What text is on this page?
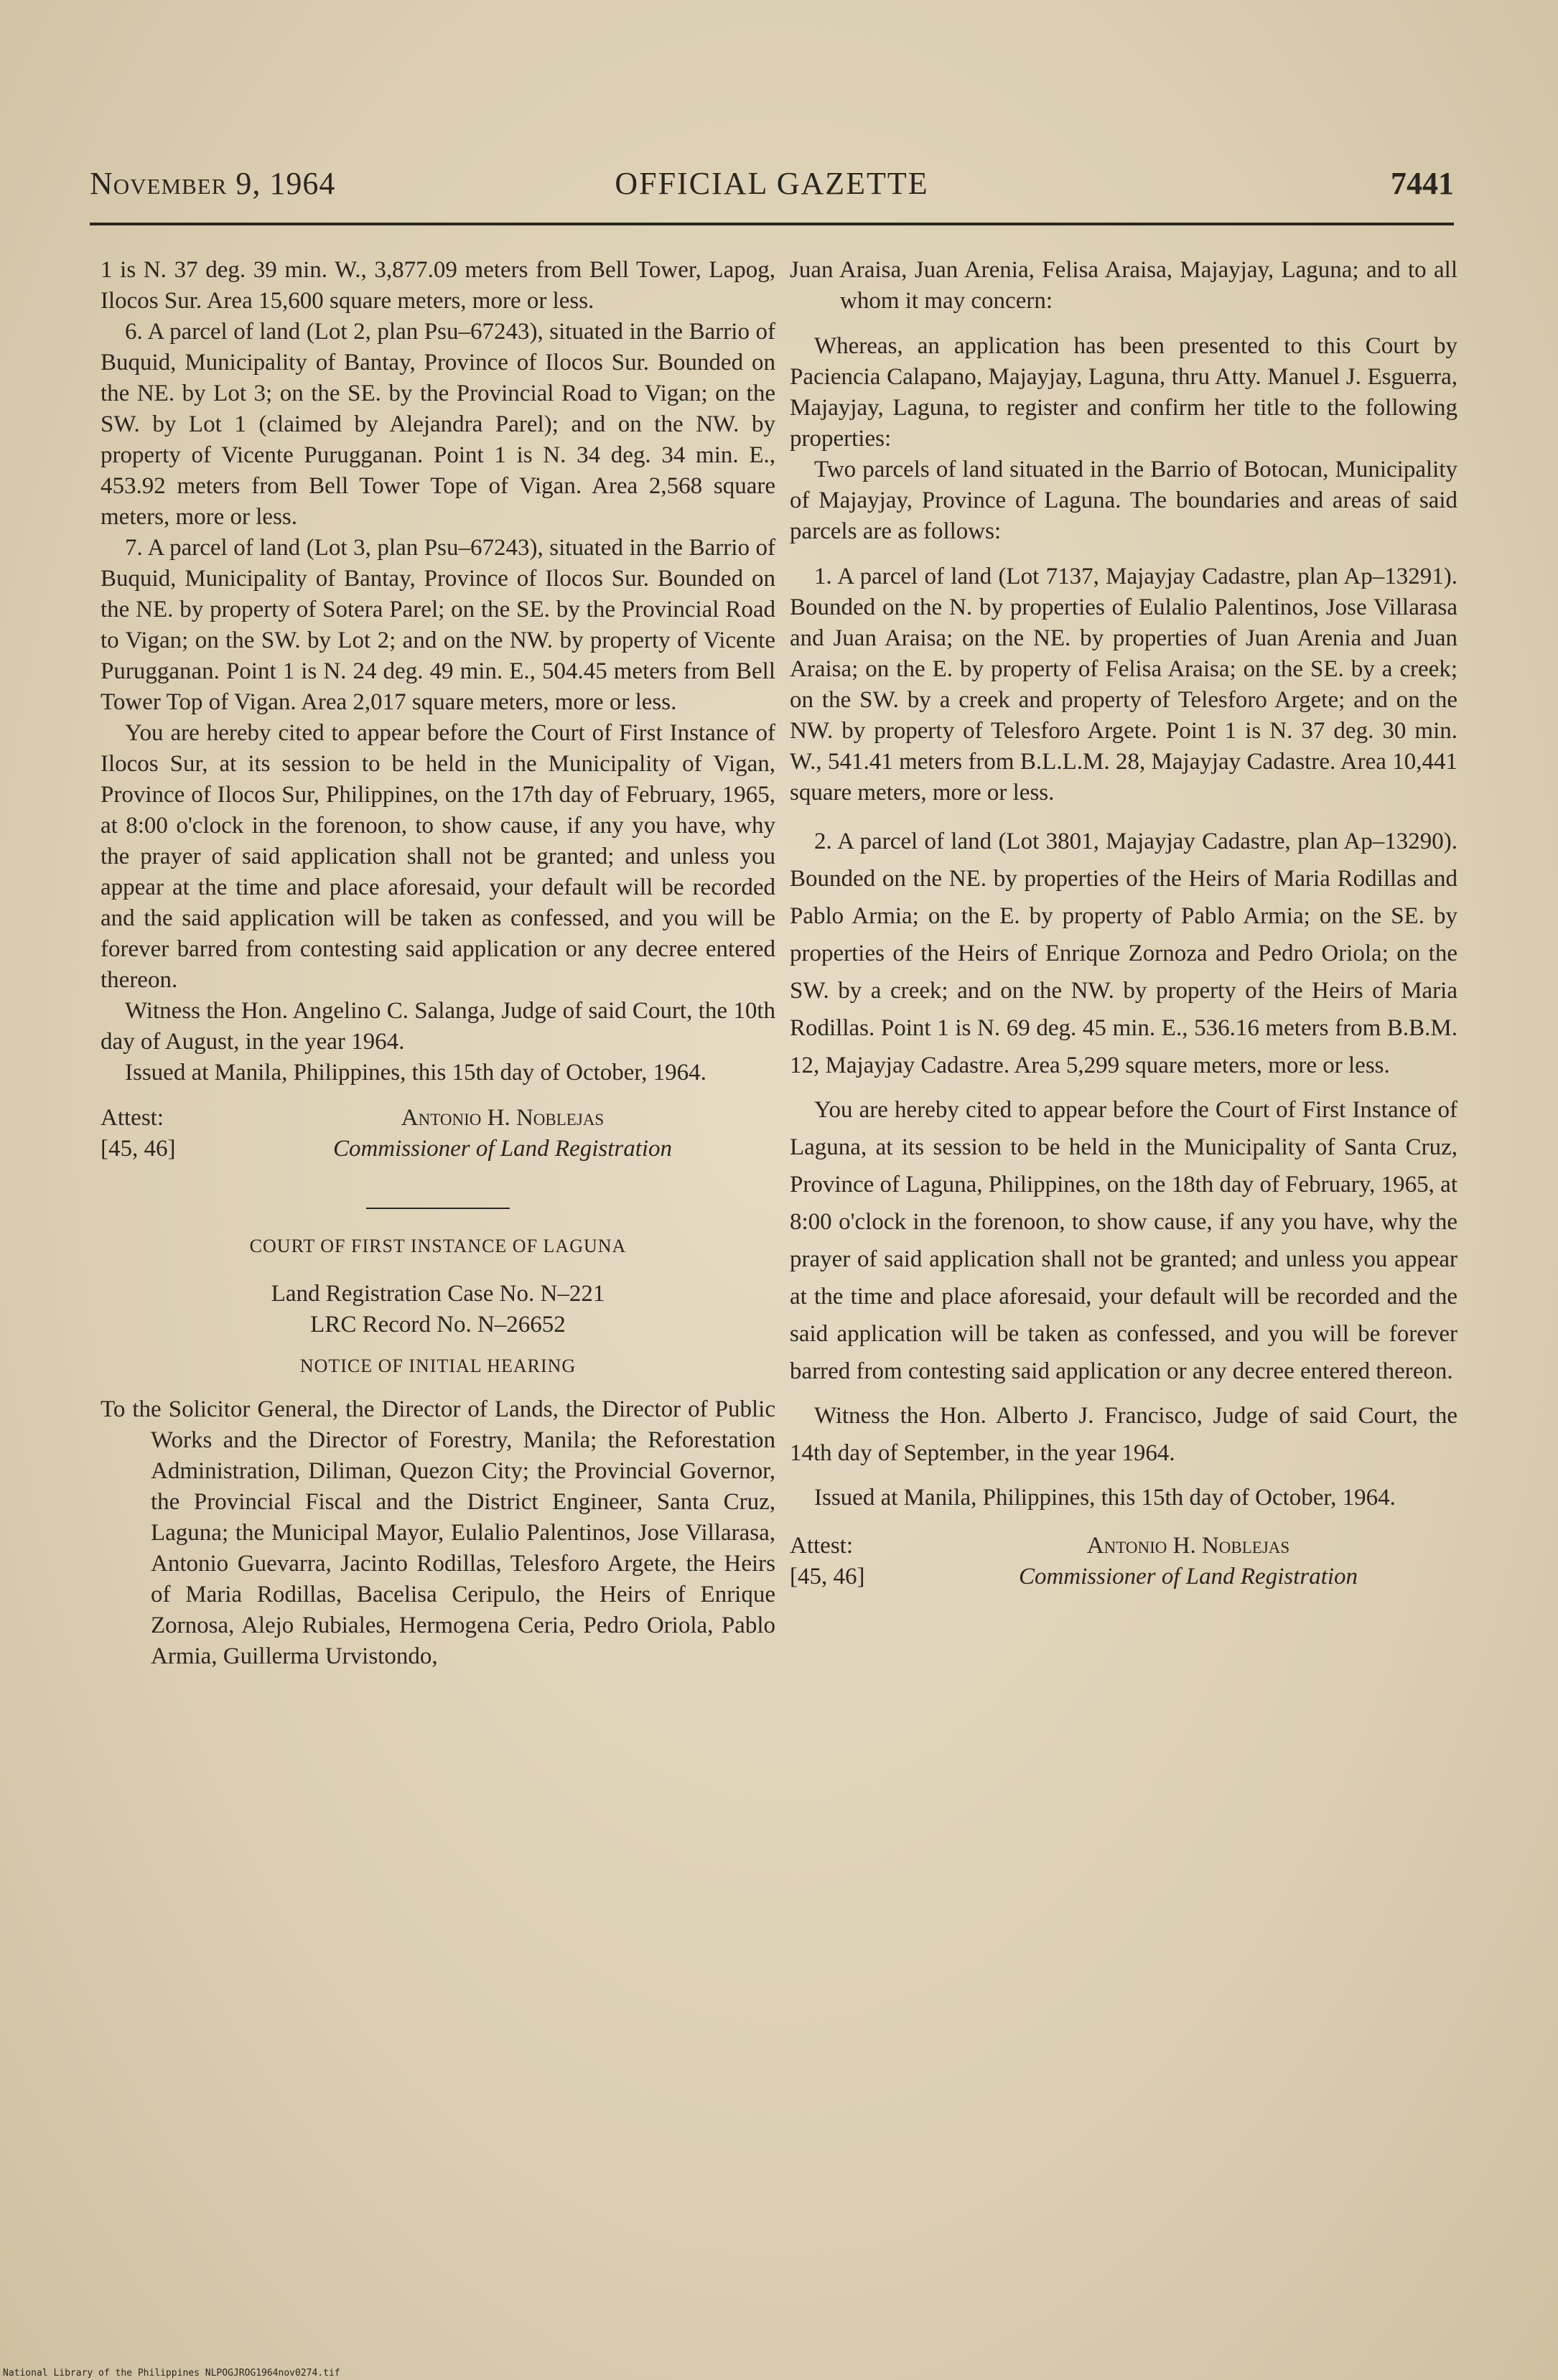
November 9, 1964	OFFICIAL GAZETTE	7441

1 is N. 37 deg. 39 min. W., 3,877.09 meters from Bell Tower, Lapog, Ilocos Sur. Area 15,600 square meters, more or less.

6. A parcel of land (Lot 2, plan Psu–67243), situated in the Barrio of Buquid, Municipality of Bantay, Province of Ilocos Sur. Bounded on the NE. by Lot 3; on the SE. by the Provincial Road to Vigan; on the SW. by Lot 1 (claimed by Alejandra Parel); and on the NW. by property of Vicente Purugganan. Point 1 is N. 34 deg. 34 min. E., 453.92 meters from Bell Tower Tope of Vigan. Area 2,568 square meters, more or less.

7. A parcel of land (Lot 3, plan Psu–67243), situated in the Barrio of Buquid, Municipality of Bantay, Province of Ilocos Sur. Bounded on the NE. by property of Sotera Parel; on the SE. by the Provincial Road to Vigan; on the SW. by Lot 2; and on the NW. by property of Vicente Purugganan. Point 1 is N. 24 deg. 49 min. E., 504.45 meters from Bell Tower Top of Vigan. Area 2,017 square meters, more or less.

You are hereby cited to appear before the Court of First Instance of Ilocos Sur, at its session to be held in the Municipality of Vigan, Province of Ilocos Sur, Philippines, on the 17th day of February, 1965, at 8:00 o'clock in the forenoon, to show cause, if any you have, why the prayer of said application shall not be granted; and unless you appear at the time and place aforesaid, your default will be recorded and the said application will be taken as confessed, and you will be forever barred from contesting said application or any decree entered thereon.

Witness the Hon. Angelino C. Salanga, Judge of said Court, the 10th day of August, in the year 1964.

Issued at Manila, Philippines, this 15th day of October, 1964.

Attest:	Antonio H. Noblejas
[45, 46]	Commissioner of Land Registration
COURT OF FIRST INSTANCE OF LAGUNA
Land Registration Case No. N–221
LRC Record No. N–26652
NOTICE OF INITIAL HEARING

To the Solicitor General, the Director of Lands, the Director of Public Works and the Director of Forestry, Manila; the Reforestation Administration, Diliman, Quezon City; the Provincial Governor, the Provincial Fiscal and the District Engineer, Santa Cruz, Laguna; the Municipal Mayor, Eulalio Palentinos, Jose Villarasa, Antonio Guevarra, Jacinto Rodillas, Telesforo Argete, the Heirs of Maria Rodillas, Bacelisa Ceripulo, the Heirs of Enrique Zornosa, Alejo Rubiales, Hermogena Ceria, Pedro Oriola, Pablo Armia, Guillerma Urvistondo,

Juan Araisa, Juan Arenia, Felisa Araisa, Majayjay, Laguna; and to all whom it may concern:

Whereas, an application has been presented to this Court by Paciencia Calapano, Majayjay, Laguna, thru Atty. Manuel J. Esguerra, Majayjay, Laguna, to register and confirm her title to the following properties:

Two parcels of land situated in the Barrio of Botocan, Municipality of Majayjay, Province of Laguna. The boundaries and areas of said parcels are as follows:

1. A parcel of land (Lot 7137, Majayjay Cadastre, plan Ap–13291). Bounded on the N. by properties of Eulalio Palentinos, Jose Villarasa and Juan Araisa; on the NE. by properties of Juan Arenia and Juan Araisa; on the E. by property of Felisa Araisa; on the SE. by a creek; on the SW. by a creek and property of Telesforo Argete; and on the NW. by property of Telesforo Argete. Point 1 is N. 37 deg. 30 min. W., 541.41 meters from B.L.L.M. 28, Majayjay Cadastre. Area 10,441 square meters, more or less.

2. A parcel of land (Lot 3801, Majayjay Cadastre, plan Ap–13290). Bounded on the NE. by properties of the Heirs of Maria Rodillas and Pablo Armia; on the E. by property of Pablo Armia; on the SE. by properties of the Heirs of Enrique Zornoza and Pedro Oriola; on the SW. by a creek; and on the NW. by property of the Heirs of Maria Rodillas. Point 1 is N. 69 deg. 45 min. E., 536.16 meters from B.B.M. 12, Majayjay Cadastre. Area 5,299 square meters, more or less.

You are hereby cited to appear before the Court of First Instance of Laguna, at its session to be held in the Municipality of Santa Cruz, Province of Laguna, Philippines, on the 18th day of February, 1965, at 8:00 o'clock in the forenoon, to show cause, if any you have, why the prayer of said application shall not be granted; and unless you appear at the time and place aforesaid, your default will be recorded and the said application will be taken as confessed, and you will be forever barred from contesting said application or any decree entered thereon.

Witness the Hon. Alberto J. Francisco, Judge of said Court, the 14th day of September, in the year 1964.

Issued at Manila, Philippines, this 15th day of October, 1964.

Attest:	Antonio H. Noblejas
[45, 46]	Commissioner of Land Registration
National Library of the Philippines NLPOGJROG1964nov0274.tif
